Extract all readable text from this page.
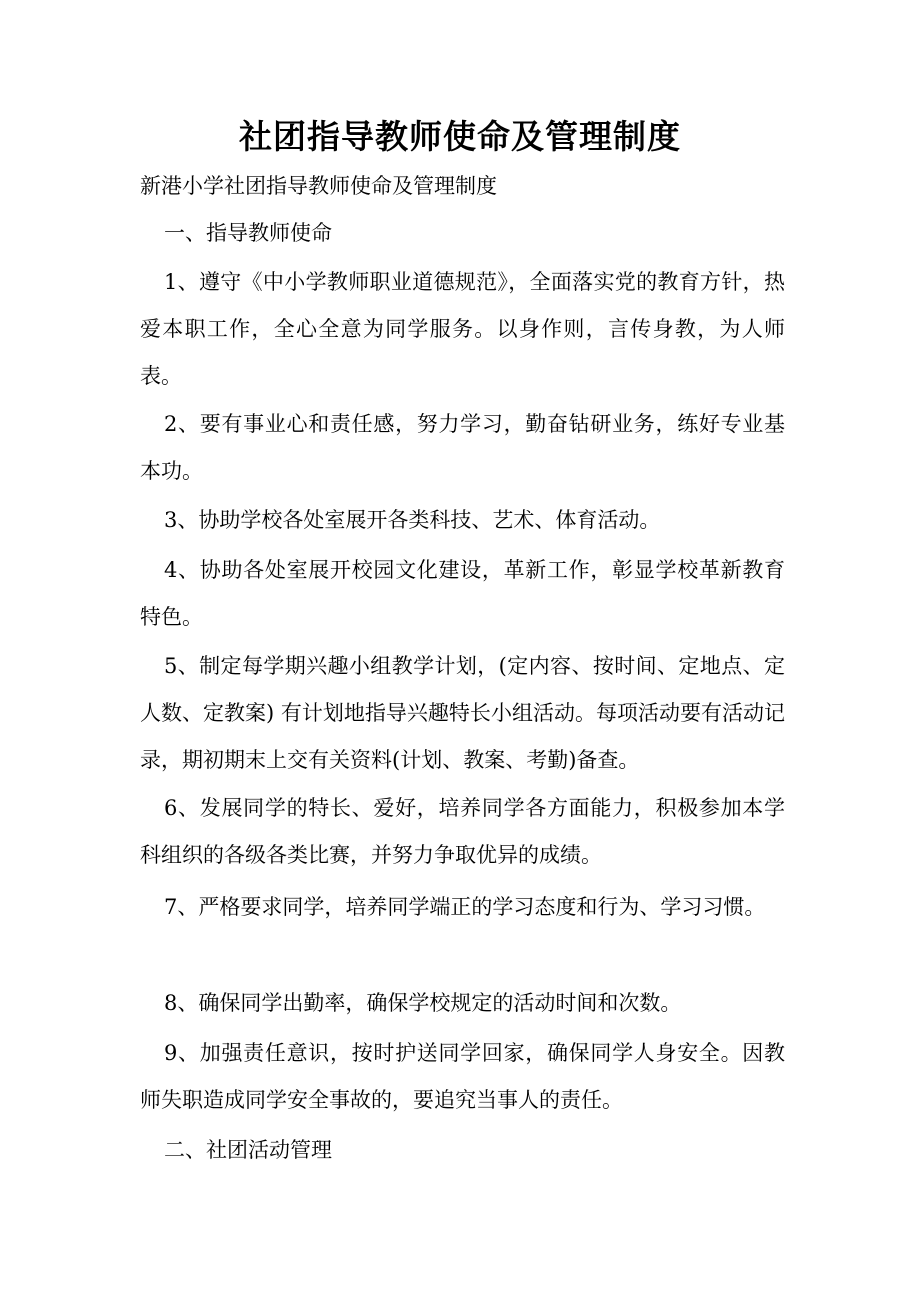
社团指导教师使命及管理制度

新港小学社团指导教师使命及管理制度

一、指导教师使命

1、遵守《中小学教师职业道德规范》，全面落实党的教育方针，热爱本职工作，全心全意为同学服务。以身作则，言传身教，为人师表。

2、要有事业心和责任感，努力学习，勤奋钻研业务，练好专业基本功。

3、协助学校各处室展开各类科技、艺术、体育活动。

4、协助各处室展开校园文化建设，革新工作，彰显学校革新教育特色。

5、制定每学期兴趣小组教学计划，(定内容、按时间、定地点、定人数、定教案) 有计划地指导兴趣特长小组活动。每项活动要有活动记录，期初期末上交有关资料(计划、教案、考勤)备查。

6、发展同学的特长、爱好，培养同学各方面能力，积极参加本学科组织的各级各类比赛，并努力争取优异的成绩。

7、严格要求同学，培养同学端正的学习态度和行为、学习习惯。

8、确保同学出勤率，确保学校规定的活动时间和次数。

9、加强责任意识，按时护送同学回家，确保同学人身安全。因教师失职造成同学安全事故的，要追究当事人的责任。

二、社团活动管理
